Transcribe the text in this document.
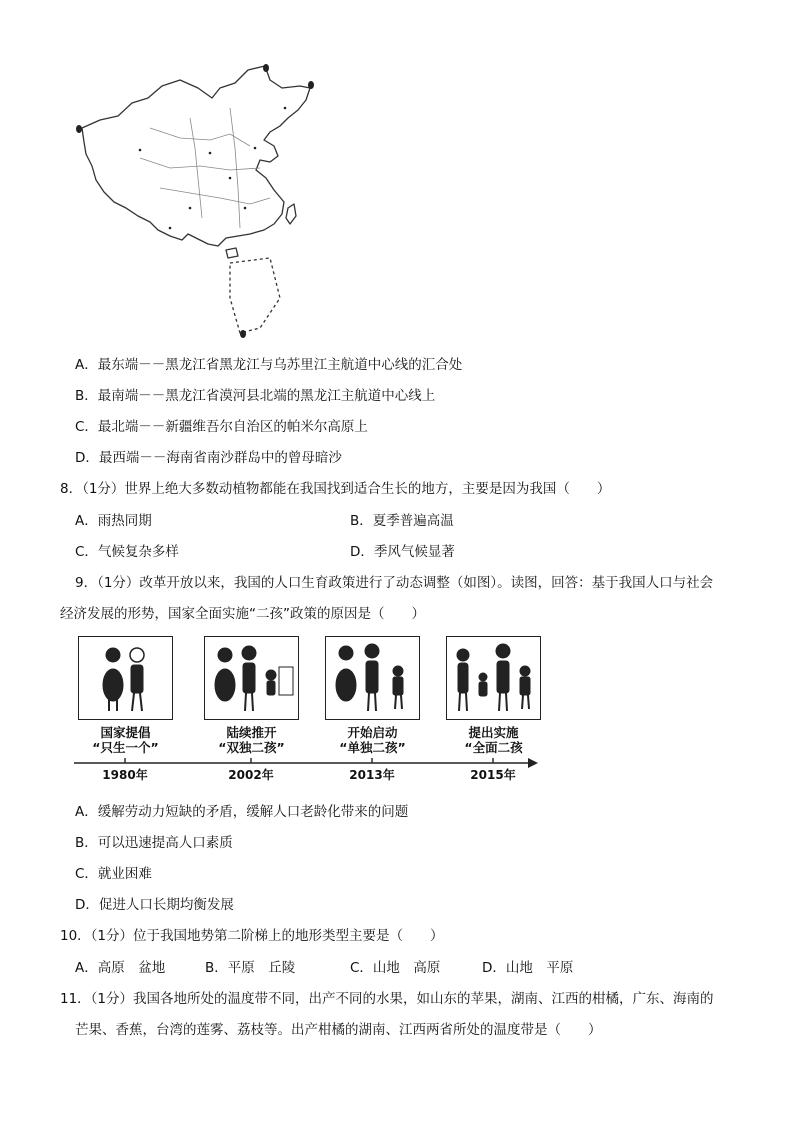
A．最东端－－黑龙江省黑龙江与乌苏里江主航道中心线的汇合处
B．最南端－－黑龙江省漠河县北端的黑龙江主航道中心线上
C．最北端－－新疆维吾尔自治区的帕米尔高原上
D．最西端－－海南省南沙群岛中的曾母暗沙
8．（1分）世界上绝大多数动植物都能在我国找到适合生长的地方，主要是因为我国（　　）
A．雨热同期	B．夏季普遍高温
C．气候复杂多样	D．季风气候显著
9．（1分）改革开放以来，我国的人口生育政策进行了动态调整（如图）。读图，回答：基于我国人口与社会
经济发展的形势，国家全面实施“二孩”政策的原因是（　　）
国家提倡
“只生一个”
陆续推开
“双独二孩”
开始启动
“单独二孩”
提出实施
“全面二孩
1980年	2002年	2013年	2015年
A．缓解劳动力短缺的矛盾，缓解人口老龄化带来的问题
B．可以迅速提高人口素质
C．就业困难
D．促进人口长期均衡发展
10．（1分）位于我国地势第二阶梯上的地形类型主要是（　　）
A．高原　盆地	B．平原　丘陵	C．山地　高原	D．山地　平原
11．（1分）我国各地所处的温度带不同，出产不同的水果，如山东的苹果，湖南、江西的柑橘，广东、海南的
芒果、香蕉，台湾的莲雾、荔枝等。出产柑橘的湖南、江西两省所处的温度带是（　　）
